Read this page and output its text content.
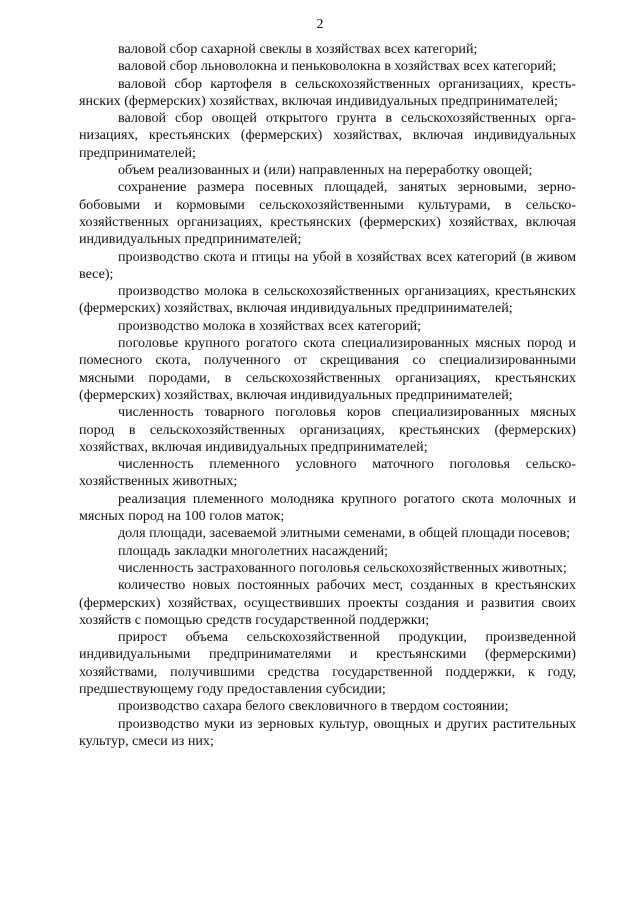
2

валовой сбор сахарной свеклы в хозяйствах всех категорий;

валовой сбор льноволокна и пеньковолокна в хозяйствах всех категорий;

валовой сбор картофеля в сельскохозяйственных организациях, крестьянских (фермерских) хозяйствах, включая индивидуальных предпринимателей;

валовой сбор овощей открытого грунта в сельскохозяйственных организациях, крестьянских (фермерских) хозяйствах, включая индивидуальных предпринимателей;

объем реализованных и (или) направленных на переработку овощей;

сохранение размера посевных площадей, занятых зерновыми, зернобобовыми и кормовыми сельскохозяйственными культурами, в сельскохозяйственных организациях, крестьянских (фермерских) хозяйствах, включая индивидуальных предпринимателей;

производство скота и птицы на убой в хозяйствах всех категорий (в живом весе);

производство молока в сельскохозяйственных организациях, крестьянских (фермерских) хозяйствах, включая индивидуальных предпринимателей;

производство молока в хозяйствах всех категорий;

поголовье крупного рогатого скота специализированных мясных пород и помесного скота, полученного от скрещивания со специализированными мясными породами, в сельскохозяйственных организациях, крестьянских (фермерских) хозяйствах, включая индивидуальных предпринимателей;

численность товарного поголовья коров специализированных мясных пород в сельскохозяйственных организациях, крестьянских (фермерских) хозяйствах, включая индивидуальных предпринимателей;

численность племенного условного маточного поголовья сельскохозяйственных животных;

реализация племенного молодняка крупного рогатого скота молочных и мясных пород на 100 голов маток;

доля площади, засеваемой элитными семенами, в общей площади посевов;

площадь закладки многолетних насаждений;

численность застрахованного поголовья сельскохозяйственных животных;

количество новых постоянных рабочих мест, созданных в крестьянских (фермерских) хозяйствах, осуществивших проекты создания и развития своих хозяйств с помощью средств государственной поддержки;

прирост объема сельскохозяйственной продукции, произведенной индивидуальными предпринимателями и крестьянскими (фермерскими) хозяйствами, получившими средства государственной поддержки, к году, предшествующему году предоставления субсидии;

производство сахара белого свекловичного в твердом состоянии;

производство муки из зерновых культур, овощных и других растительных культур, смеси из них;
